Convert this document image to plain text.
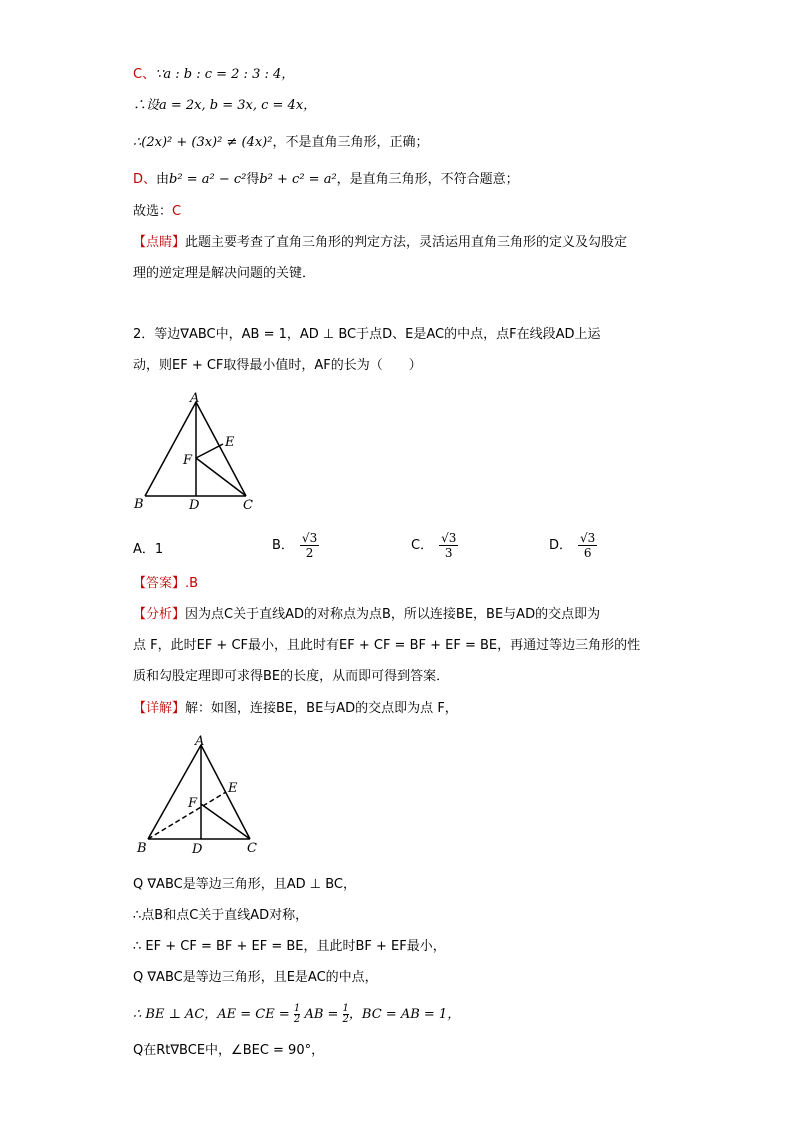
C、∵a : b : c = 2 : 3 : 4，
∴设a = 2x, b = 3x, c = 4x，
∴(2x)² + (3x)² ≠ (4x)²，不是直角三角形，正确；
D、由b² = a² − c²得b² + c² = a²，是直角三角形，不符合题意；
故选：C
【点睛】此题主要考查了直角三角形的判定方法，灵活运用直角三角形的定义及勾股定
理的逆定理是解决问题的关键．
2．等边∇ABC中，AB = 1，AD ⊥ BC于点D、E是AC的中点，点F在线段AD上运
动，则EF + CF取得最小值时，AF的长为（　　）
A
E
F
B	D	C
A．1	B． $\frac{√3}{2}$	C． $\frac{√3}{3}$	D． $\frac{√3}{6}$
【答案】.B
【分析】因为点C关于直线AD的对称点为点B，所以连接BE，BE与AD的交点即为
点 F，此时EF + CF最小，且此时有EF + CF = BF + EF = BE，再通过等边三角形的性
质和勾股定理即可求得BE的长度，从而即可得到答案．
【详解】解：如图，连接BE，BE与AD的交点即为点 F，
A
E
F
B	D	C
Q ∇ABC是等边三角形，且AD ⊥ BC，
∴点B和点C关于直线AD对称，
∴ EF + CF = BF + EF = BE，且此时BF + EF最小，
Q ∇ABC是等边三角形，且E是AC的中点，
∴ BE ⊥ AC，AE = CE = $\frac{1}{2}$ AB = $\frac{1}{2}$，BC = AB = 1，
Q在Rt∇BCE中，∠BEC = 90°，
